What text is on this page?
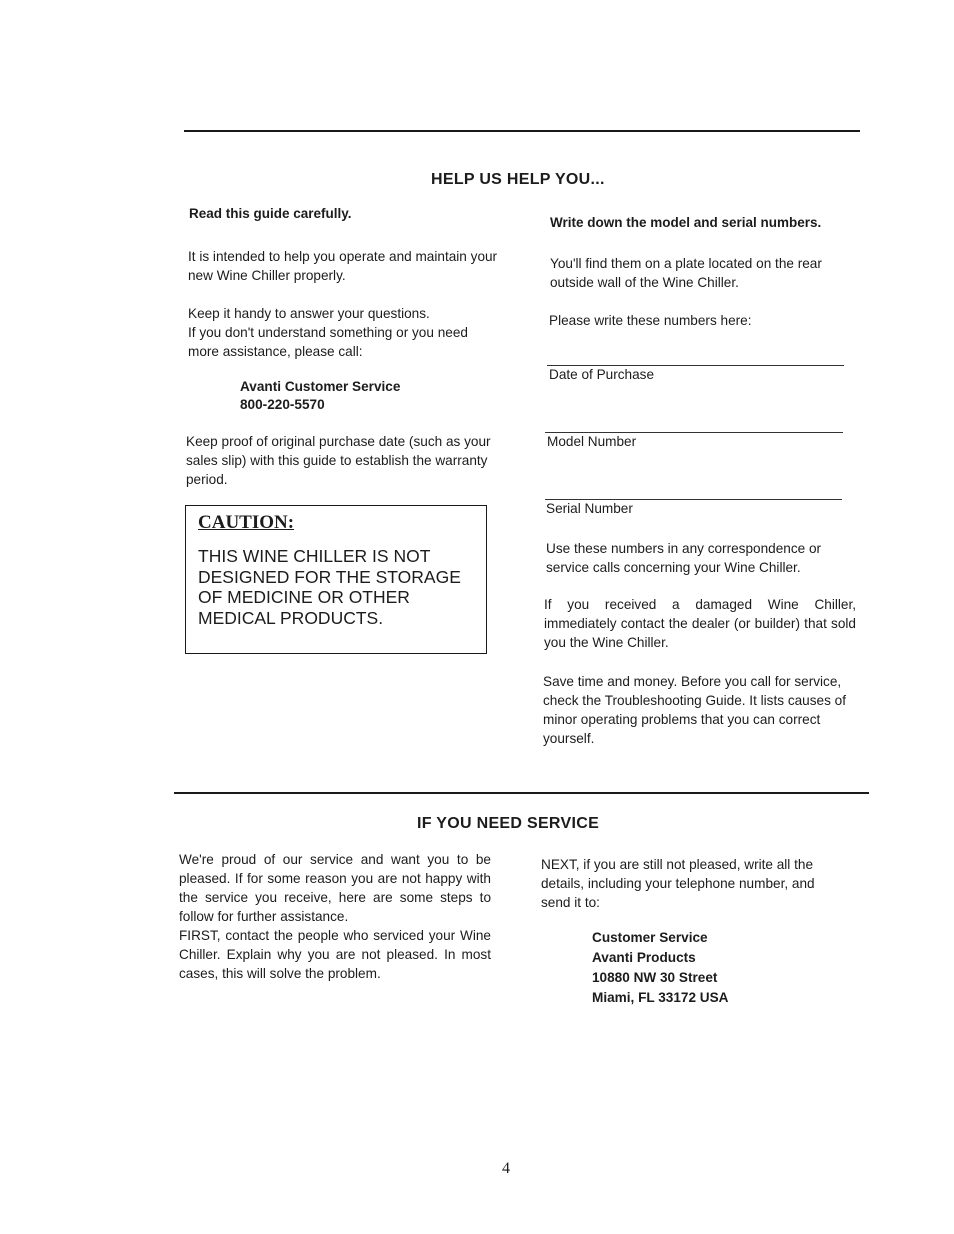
HELP US HELP YOU...
Read this guide carefully.
It is intended to help you operate and maintain your new Wine Chiller properly.

Keep it handy to answer your questions.

If you don't understand something or you need more assistance, please call:

Avanti Customer Service
800-220-5570
Keep proof of original purchase date (such as your sales slip) with this guide to establish the warranty period.
CAUTION:
THIS WINE CHILLER IS NOT DESIGNED FOR THE STORAGE OF MEDICINE OR OTHER MEDICAL PRODUCTS.
Write down the model and serial numbers.
You'll find them on a plate located on the rear outside wall of the Wine Chiller.
Please write these numbers here:
Date of Purchase
Model Number
Serial Number
Use these numbers in any correspondence or service calls concerning your Wine Chiller.
If you received a damaged Wine Chiller, immediately contact the dealer (or builder) that sold you the Wine Chiller.
Save time and money. Before you call for service, check the Troubleshooting Guide. It lists causes of minor operating problems that you can correct yourself.
IF YOU NEED SERVICE

We're proud of our service and want you to be pleased. If for some reason you are not happy with the service you receive, here are some steps to follow for further assistance.

FIRST, contact the people who serviced your Wine Chiller. Explain why you are not pleased. In most cases, this will solve the problem.

NEXT, if you are still not pleased, write all the details, including your telephone number, and send it to:
Customer Service
Avanti Products
10880 NW 30 Street
Miami, FL 33172 USA
4
